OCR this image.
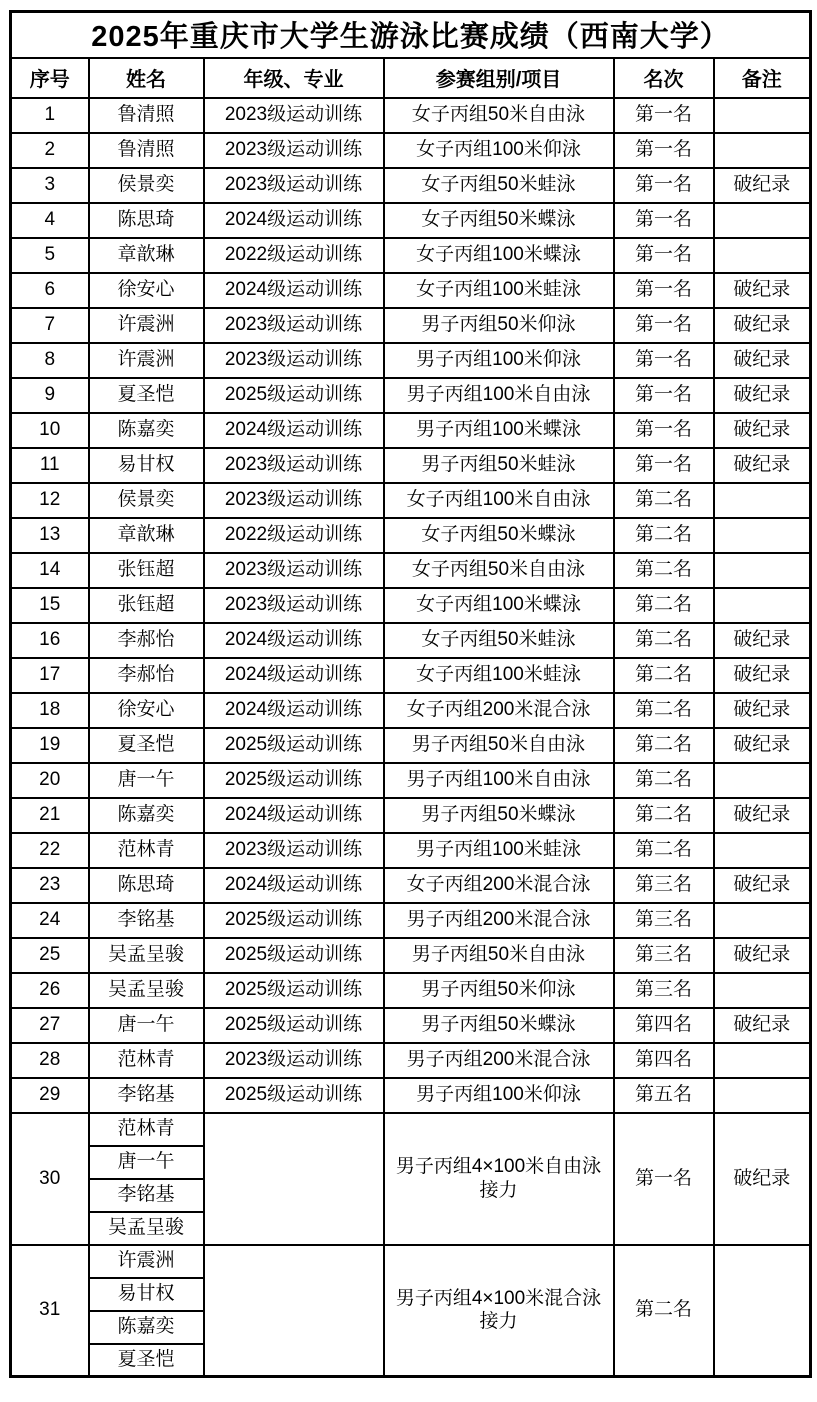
2025年重庆市大学生游泳比赛成绩（西南大学）					
序号	姓名	年级、专业	参赛组别/项目	名次	备注
1	鲁清照	2023级运动训练	女子丙组50米自由泳	第一名	
2	鲁清照	2023级运动训练	女子丙组100米仰泳	第一名	
3	侯景奕	2023级运动训练	女子丙组50米蛙泳	第一名	破纪录
4	陈思琦	2024级运动训练	女子丙组50米蝶泳	第一名	
5	章歆琳	2022级运动训练	女子丙组100米蝶泳	第一名	
6	徐安心	2024级运动训练	女子丙组100米蛙泳	第一名	破纪录
7	许震洲	2023级运动训练	男子丙组50米仰泳	第一名	破纪录
8	许震洲	2023级运动训练	男子丙组100米仰泳	第一名	破纪录
9	夏圣恺	2025级运动训练	男子丙组100米自由泳	第一名	破纪录
10	陈嘉奕	2024级运动训练	男子丙组100米蝶泳	第一名	破纪录
11	易甘权	2023级运动训练	男子丙组50米蛙泳	第一名	破纪录
12	侯景奕	2023级运动训练	女子丙组100米自由泳	第二名	
13	章歆琳	2022级运动训练	女子丙组50米蝶泳	第二名	
14	张钰超	2023级运动训练	女子丙组50米自由泳	第二名	
15	张钰超	2023级运动训练	女子丙组100米蝶泳	第二名	
16	李郝怡	2024级运动训练	女子丙组50米蛙泳	第二名	破纪录
17	李郝怡	2024级运动训练	女子丙组100米蛙泳	第二名	破纪录
18	徐安心	2024级运动训练	女子丙组200米混合泳	第二名	破纪录
19	夏圣恺	2025级运动训练	男子丙组50米自由泳	第二名	破纪录
20	唐一午	2025级运动训练	男子丙组100米自由泳	第二名	
21	陈嘉奕	2024级运动训练	男子丙组50米蝶泳	第二名	破纪录
22	范林青	2023级运动训练	男子丙组100米蛙泳	第二名	
23	陈思琦	2024级运动训练	女子丙组200米混合泳	第三名	破纪录
24	李铭基	2025级运动训练	男子丙组200米混合泳	第三名	
25	吴孟呈骏	2025级运动训练	男子丙组50米自由泳	第三名	破纪录
26	吴孟呈骏	2025级运动训练	男子丙组50米仰泳	第三名	
27	唐一午	2025级运动训练	男子丙组50米蝶泳	第四名	破纪录
28	范林青	2023级运动训练	男子丙组200米混合泳	第四名	
29	李铭基	2025级运动训练	男子丙组100米仰泳	第五名	
30	范林青		男子丙组4×100米自由泳接力	第一名	破纪录
	唐一午				
	李铭基				
	吴孟呈骏				
31	许震洲		男子丙组4×100米混合泳接力	第二名	
	易甘权				
	陈嘉奕				
	夏圣恺				
